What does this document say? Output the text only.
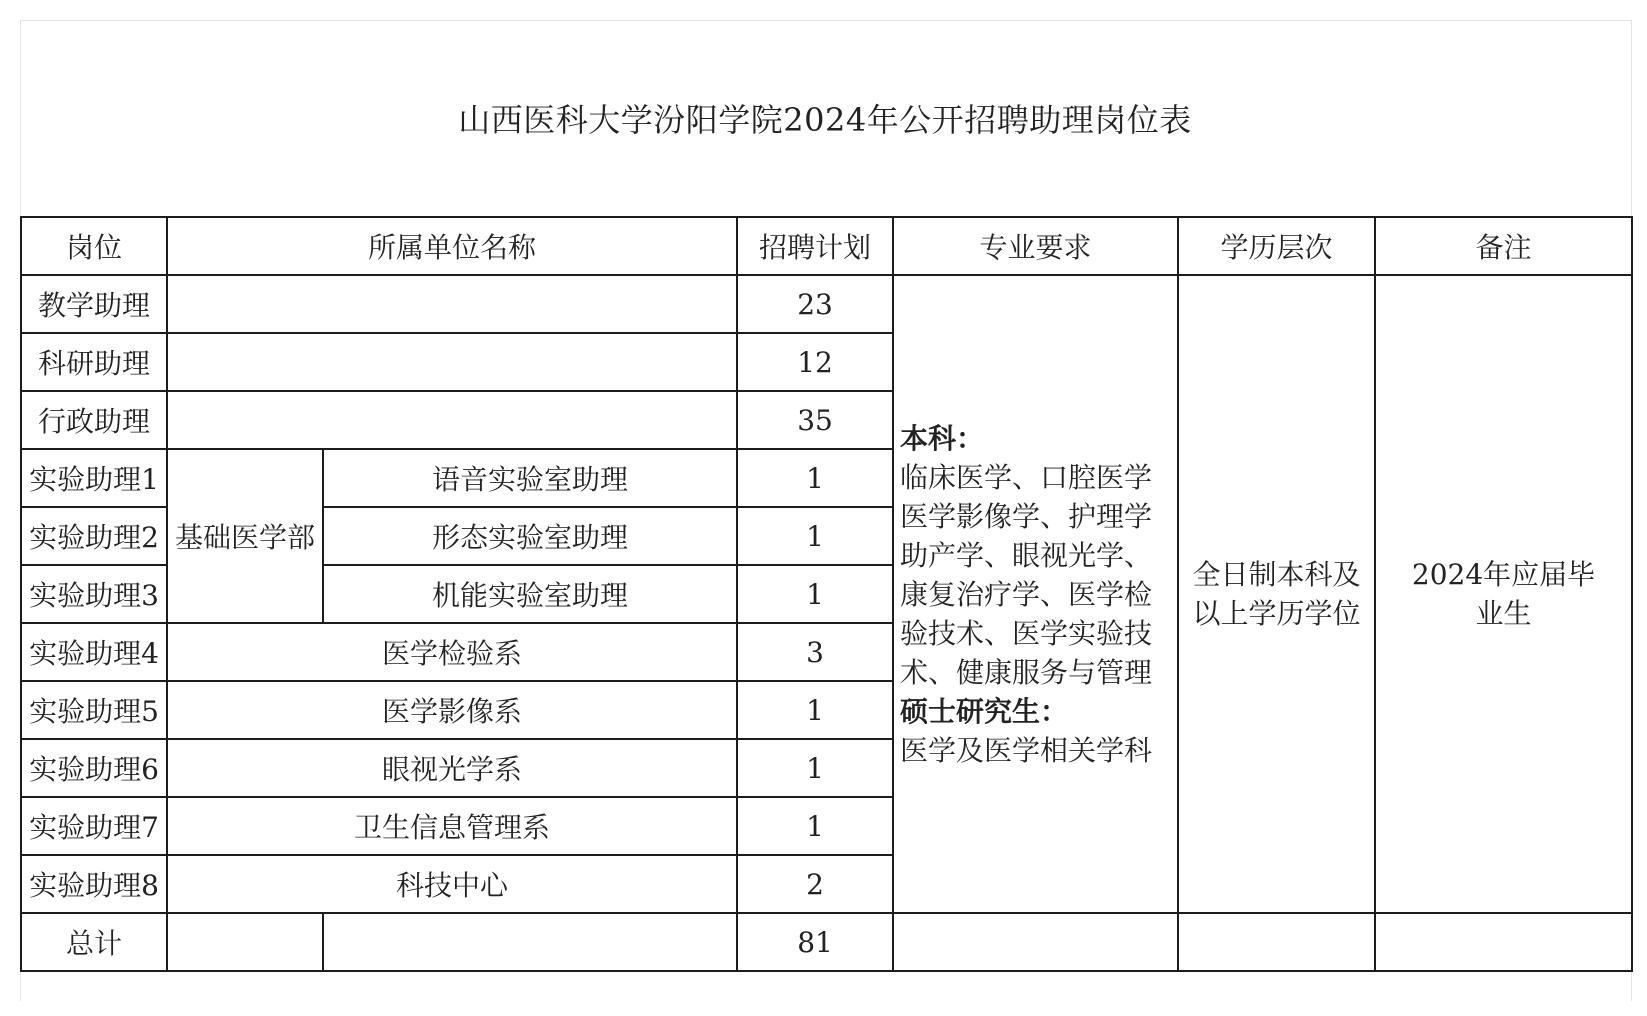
山西医科大学汾阳学院2024年公开招聘助理岗位表
岗位	所属单位名称		招聘计划	专业要求	学历层次	备注
教学助理			23	本科：
临床医学、口腔医学医学影像学、护理学助产学、眼视光学、康复治疗学、医学检验技术、医学实验技术、健康服务与管理
硕士研究生：
医学及医学相关学科	全日制本科及以上学历学位	2024年应届毕业生
科研助理			12			
行政助理			35			
实验助理1	基础医学部	语音实验室助理	1			
实验助理2		形态实验室助理	1			
实验助理3		机能实验室助理	1			
实验助理4	医学检验系		3			
实验助理5	医学影像系		1			
实验助理6	眼视光学系		1			
实验助理7	卫生信息管理系		1			
实验助理8	科技中心		2			
总计			81			
